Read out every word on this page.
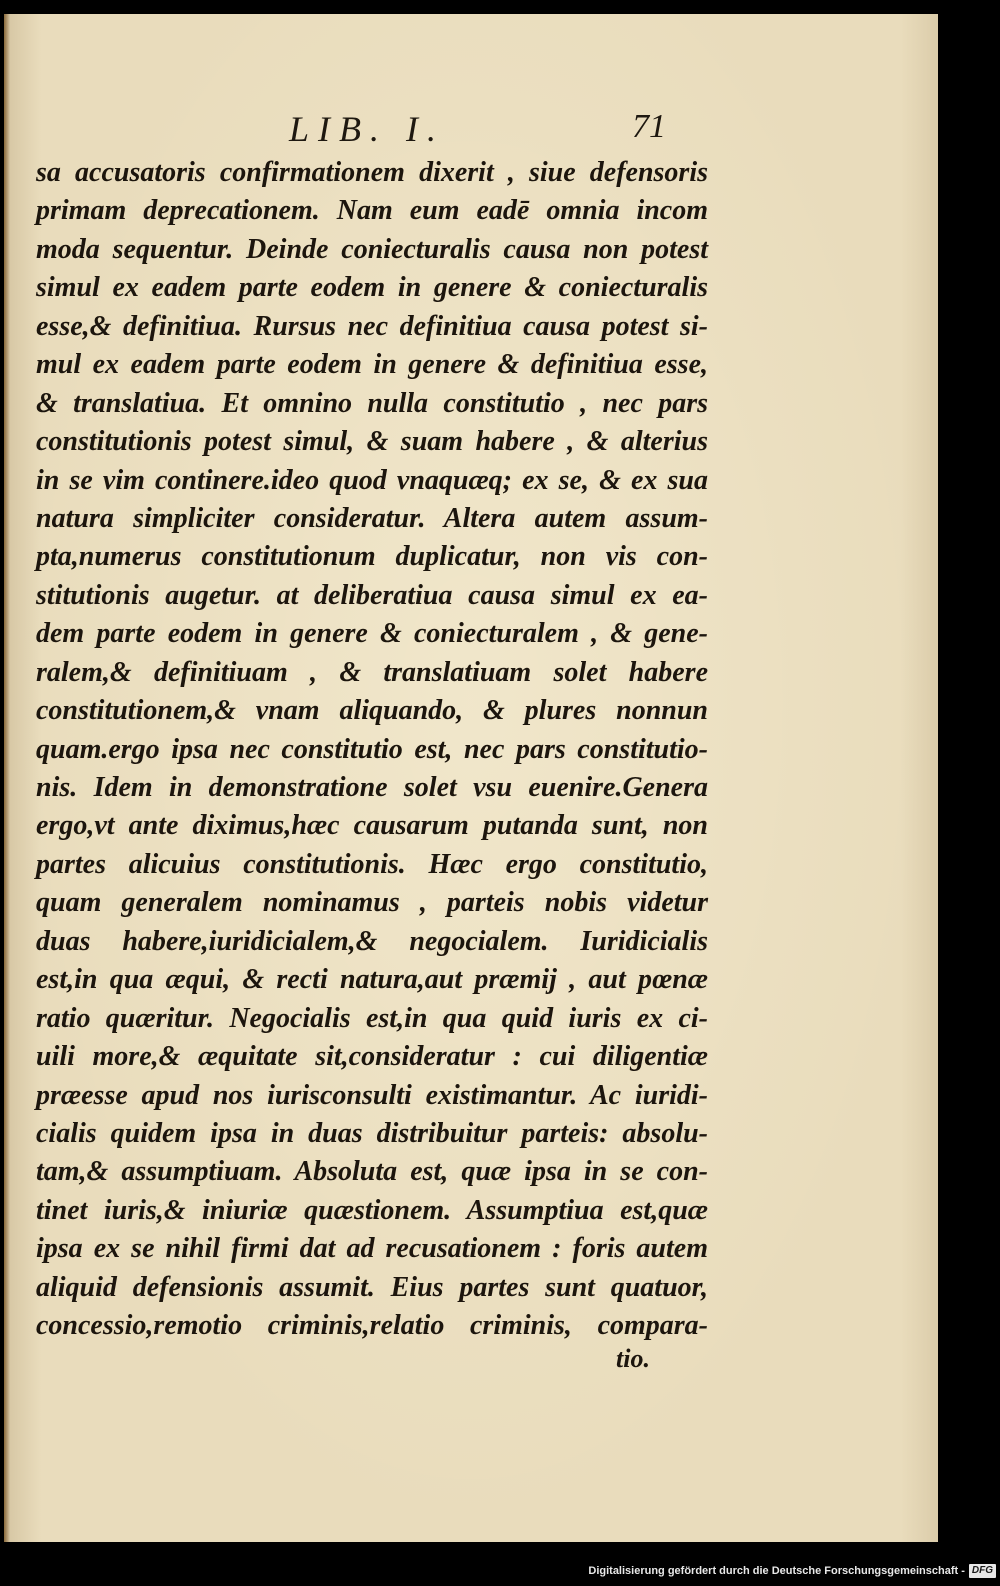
LIB. I.	71
sa accusatoris confirmationem dixerit , siue defensoris
primam deprecationem. Nam eum eadē omnia incom
moda sequentur. Deinde coniecturalis causa non potest
simul ex eadem parte eodem in genere & coniecturalis
esse,& definitiua. Rursus nec definitiua causa potest si-
mul ex eadem parte eodem in genere & definitiua esse,
& translatiua. Et omnino nulla constitutio , nec pars
constitutionis potest simul, & suam habere , & alterius
in se vim continere.ideo quod vnaquæq; ex se, & ex sua
natura simpliciter consideratur. Altera autem assum-
pta,numerus constitutionum duplicatur, non vis con-
stitutionis augetur. at deliberatiua causa simul ex ea-
dem parte eodem in genere & coniecturalem , & gene-
ralem,& definitiuam , & translatiuam solet habere
constitutionem,& vnam aliquando, & plures nonnun
quam.ergo ipsa nec constitutio est, nec pars constitutio-
nis. Idem in demonstratione solet vsu euenire.Genera
ergo,vt ante diximus,hæc causarum putanda sunt, non
partes alicuius constitutionis. Hæc ergo constitutio,
quam generalem nominamus , parteis nobis videtur
duas habere,iuridicialem,& negocialem. Iuridicialis
est,in qua æqui, & recti natura,aut præmij , aut pœnæ
ratio quæritur. Negocialis est,in qua quid iuris ex ci-
uili more,& æquitate sit,consideratur : cui diligentiæ
præesse apud nos iurisconsulti existimantur. Ac iuridi-
cialis quidem ipsa in duas distribuitur parteis: absolu-
tam,& assumptiuam. Absoluta est, quæ ipsa in se con-
tinet iuris,& iniuriæ quæstionem. Assumptiua est,quæ
ipsa ex se nihil firmi dat ad recusationem : foris autem
aliquid defensionis assumit. Eius partes sunt quatuor,
concessio,remotio criminis,relatio criminis, compara-
tio.
Digitalisierung gefördert durch die Deutsche Forschungsgemeinschaft - DFG
